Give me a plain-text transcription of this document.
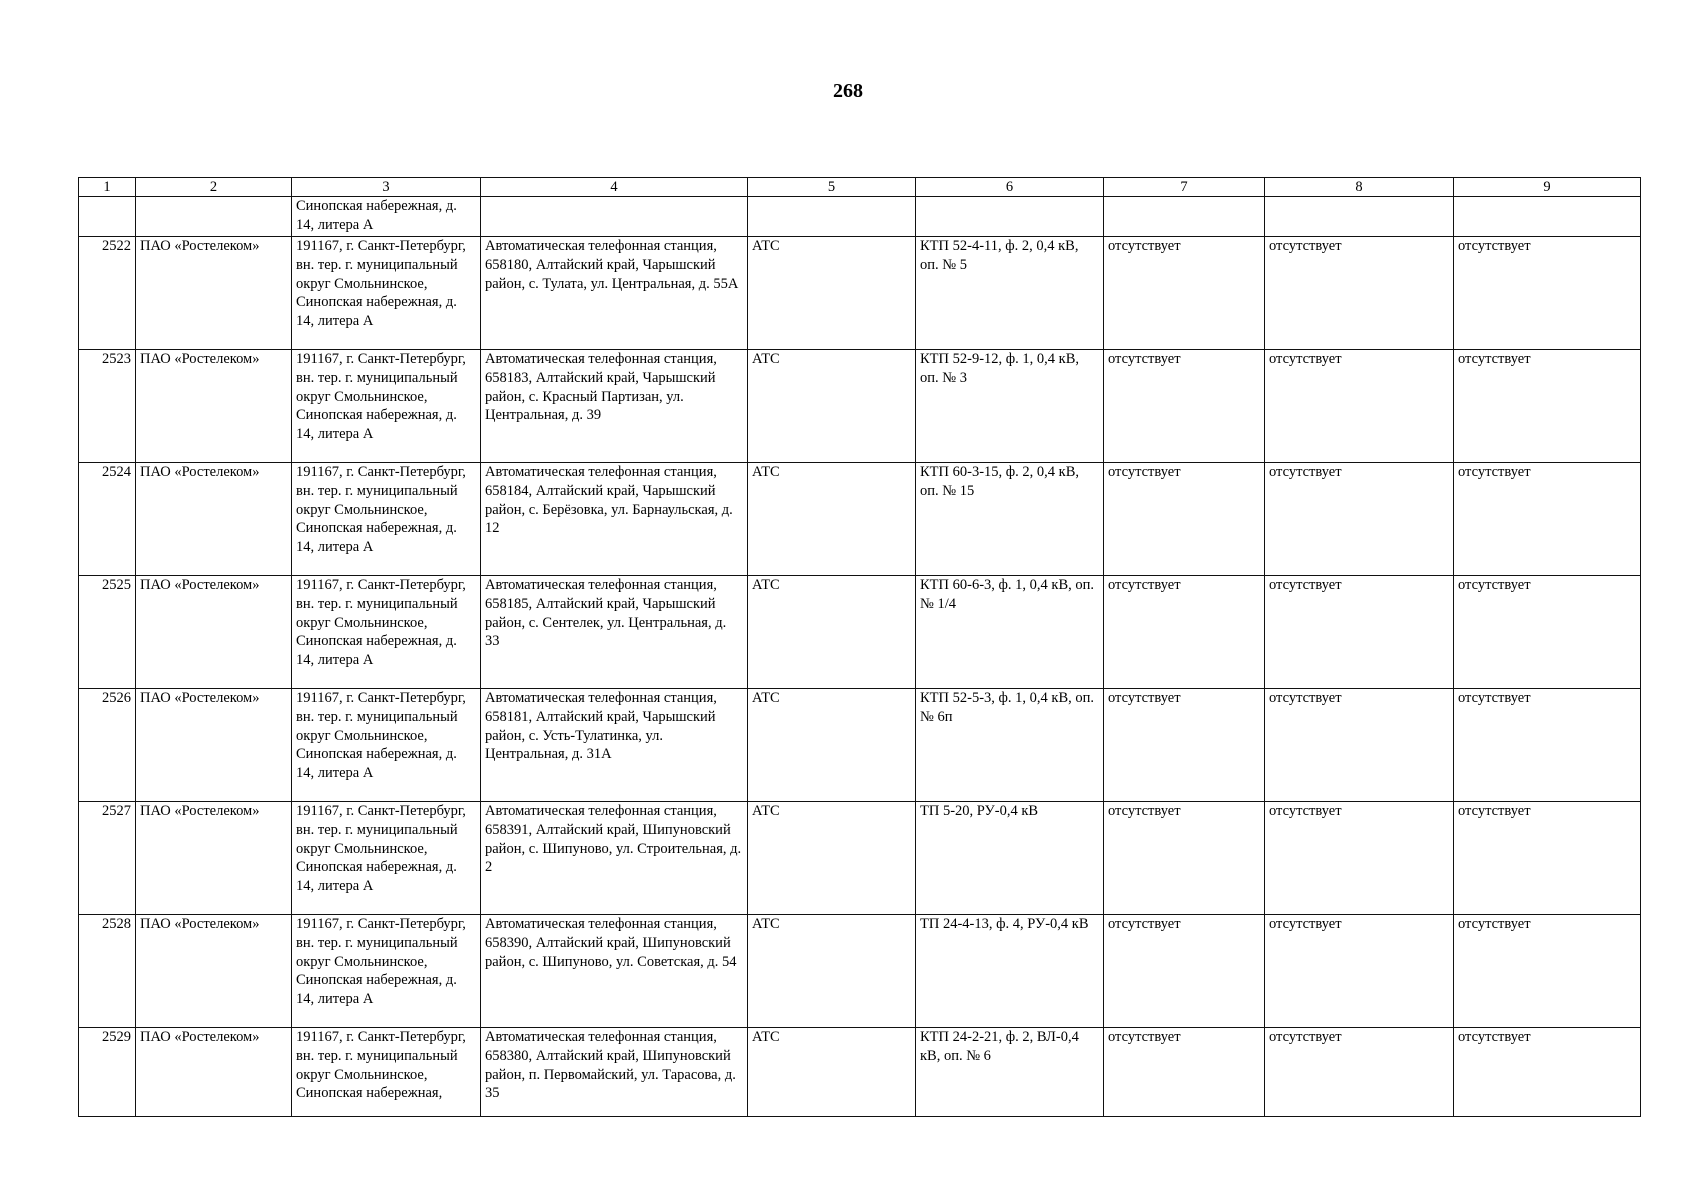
268
1	2	3	4	5	6	7	8	9
		Синопская набережная, д. 14, литера А						
2522	ПАО «Ростелеком»	191167, г. Санкт-Петербург, вн. тер. г. муниципальный округ Смольнинское, Синопская набережная, д. 14, литера А	Автоматическая телефонная станция, 658180, Алтайский край, Чарышский район, с. Тулата, ул. Центральная, д. 55А	АТС	КТП 52-4-11, ф. 2, 0,4 кВ, оп. № 5	отсутствует	отсутствует	отсутствует
2523	ПАО «Ростелеком»	191167, г. Санкт-Петербург, вн. тер. г. муниципальный округ Смольнинское, Синопская набережная, д. 14, литера А	Автоматическая телефонная станция, 658183, Алтайский край, Чарышский район, с. Красный Партизан, ул. Центральная, д. 39	АТС	КТП 52-9-12, ф. 1, 0,4 кВ, оп. № 3	отсутствует	отсутствует	отсутствует
2524	ПАО «Ростелеком»	191167, г. Санкт-Петербург, вн. тер. г. муниципальный округ Смольнинское, Синопская набережная, д. 14, литера А	Автоматическая телефонная станция, 658184, Алтайский край, Чарышский район, с. Берёзовка, ул. Барнаульская, д. 12	АТС	КТП 60-3-15, ф. 2, 0,4 кВ, оп. № 15	отсутствует	отсутствует	отсутствует
2525	ПАО «Ростелеком»	191167, г. Санкт-Петербург, вн. тер. г. муниципальный округ Смольнинское, Синопская набережная, д. 14, литера А	Автоматическая телефонная станция, 658185, Алтайский край, Чарышский район, с. Сентелек, ул. Центральная, д. 33	АТС	КТП 60-6-3, ф. 1, 0,4 кВ, оп. № 1/4	отсутствует	отсутствует	отсутствует
2526	ПАО «Ростелеком»	191167, г. Санкт-Петербург, вн. тер. г. муниципальный округ Смольнинское, Синопская набережная, д. 14, литера А	Автоматическая телефонная станция, 658181, Алтайский край, Чарышский район, с. Усть-Тулатинка, ул. Центральная, д. 31А	АТС	КТП 52-5-3, ф. 1, 0,4 кВ, оп. № 6п	отсутствует	отсутствует	отсутствует
2527	ПАО «Ростелеком»	191167, г. Санкт-Петербург, вн. тер. г. муниципальный округ Смольнинское, Синопская набережная, д. 14, литера А	Автоматическая телефонная станция, 658391, Алтайский край, Шипуновский район, с. Шипуново, ул. Строительная, д. 2	АТС	ТП 5-20, РУ-0,4 кВ	отсутствует	отсутствует	отсутствует
2528	ПАО «Ростелеком»	191167, г. Санкт-Петербург, вн. тер. г. муниципальный округ Смольнинское, Синопская набережная, д. 14, литера А	Автоматическая телефонная станция, 658390, Алтайский край, Шипуновский район, с. Шипуново, ул. Советская, д. 54	АТС	ТП 24-4-13, ф. 4, РУ-0,4 кВ	отсутствует	отсутствует	отсутствует
2529	ПАО «Ростелеком»	191167, г. Санкт-Петербург, вн. тер. г. муниципальный округ Смольнинское, Синопская набережная,	Автоматическая телефонная станция, 658380, Алтайский край, Шипуновский район, п. Первомайский, ул. Тарасова, д. 35	АТС	КТП 24-2-21, ф. 2, ВЛ-0,4 кВ, оп. № 6	отсутствует	отсутствует	отсутствует
